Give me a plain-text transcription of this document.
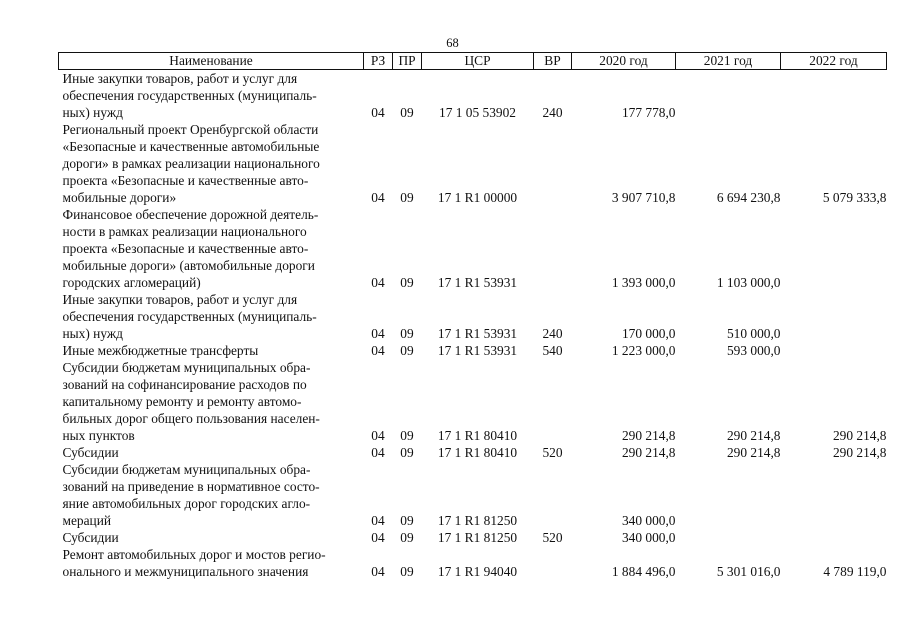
68
Наименование	РЗ	ПР	ЦСР	ВР	2020 год	2021 год	2022 год

Иные закупки товаров, работ и услуг для
обеспечения государственных (муниципаль-
ных) нужд	04	09	17 1 05 53902	240	177 778,0		

Региональный проект Оренбургской области
«Безопасные и качественные автомобильные
дороги» в рамках реализации национального
проекта «Безопасные и качественные авто-
мобильные дороги»	04	09	17 1 R1 00000		3 907 710,8	6 694 230,8	5 079 333,8

Финансовое обеспечение дорожной деятель-
ности в рамках реализации национального
проекта «Безопасные и качественные авто-
мобильные дороги» (автомобильные дороги
городских агломераций)	04	09	17 1 R1 53931		1 393 000,0	1 103 000,0	

Иные закупки товаров, работ и услуг для
обеспечения государственных (муниципаль-
ных) нужд	04	09	17 1 R1 53931	240	170 000,0	510 000,0	

Иные межбюджетные трансферты	04	09	17 1 R1 53931	540	1 223 000,0	593 000,0	

Субсидии бюджетам муниципальных обра-
зований на софинансирование расходов по
капитальному ремонту и ремонту автомо-
бильных дорог общего пользования населен-
ных пунктов	04	09	17 1 R1 80410		290 214,8	290 214,8	290 214,8

Субсидии	04	09	17 1 R1 80410	520	290 214,8	290 214,8	290 214,8

Субсидии бюджетам муниципальных обра-
зований на приведение в нормативное состо-
яние автомобильных дорог городских агло-
мераций	04	09	17 1 R1 81250		340 000,0		

Субсидии	04	09	17 1 R1 81250	520	340 000,0		

Ремонт автомобильных дорог и мостов регио-
онального и межмуниципального значения	04	09	17 1 R1 94040		1 884 496,0	5 301 016,0	4 789 119,0
